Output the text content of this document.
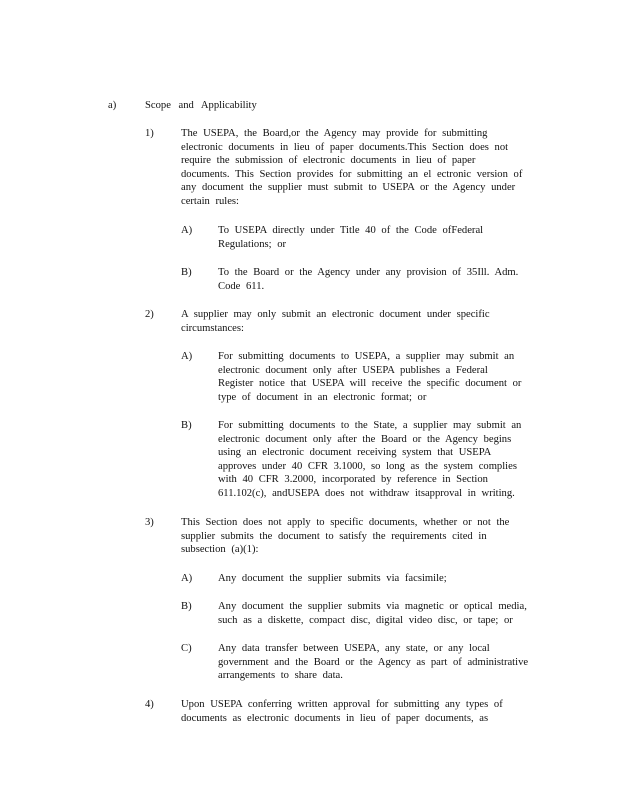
a)	Scope and Applicability
1)	The USEPA, the Board,or the Agency may provide for submitting
electronic documents in lieu of paper documents.This Section does not
require the submission of electronic documents in lieu of paper
documents. This Section provides for submitting an el ectronic version of
any document the supplier must submit to USEPA or the Agency under
certain rules:
A) To USEPA directly under Title 40 of the Code ofFederal
Regulations; or
B) To the Board or the Agency under any provision of 35Ill. Adm.
Code 611.
2)	A supplier may only submit an electronic document under specific
circumstances:
A) For submitting documents to USEPA, a supplier may submit an
electronic document only after USEPA publishes a Federal
Register notice that USEPA will receive the specific document or
type of document in an electronic format; or
B) For submitting documents to the State, a supplier may submit an
electronic document only after the Board or the Agency begins
using an electronic document receiving system that USEPA
approves under 40 CFR 3.1000, so long as the system complies
with 40 CFR 3.2000, incorporated by reference in Section
611.102(c), andUSEPA does not withdraw itsapproval in writing.
3)	This Section does not apply to specific documents, whether or not the
supplier submits the document to satisfy the requirements cited in
subsection (a)(1):
A) Any document the supplier submits via facsimile;
B) Any document the supplier submits via magnetic or optical media,
such as a diskette, compact disc, digital video disc, or tape; or
C) Any data transfer between USEPA, any state, or any local
government and the Board or the Agency as part of administrative
arrangements to share data.
4)	Upon USEPA conferring written approval for submitting any types of
documents as electronic documents in lieu of paper documents, as
